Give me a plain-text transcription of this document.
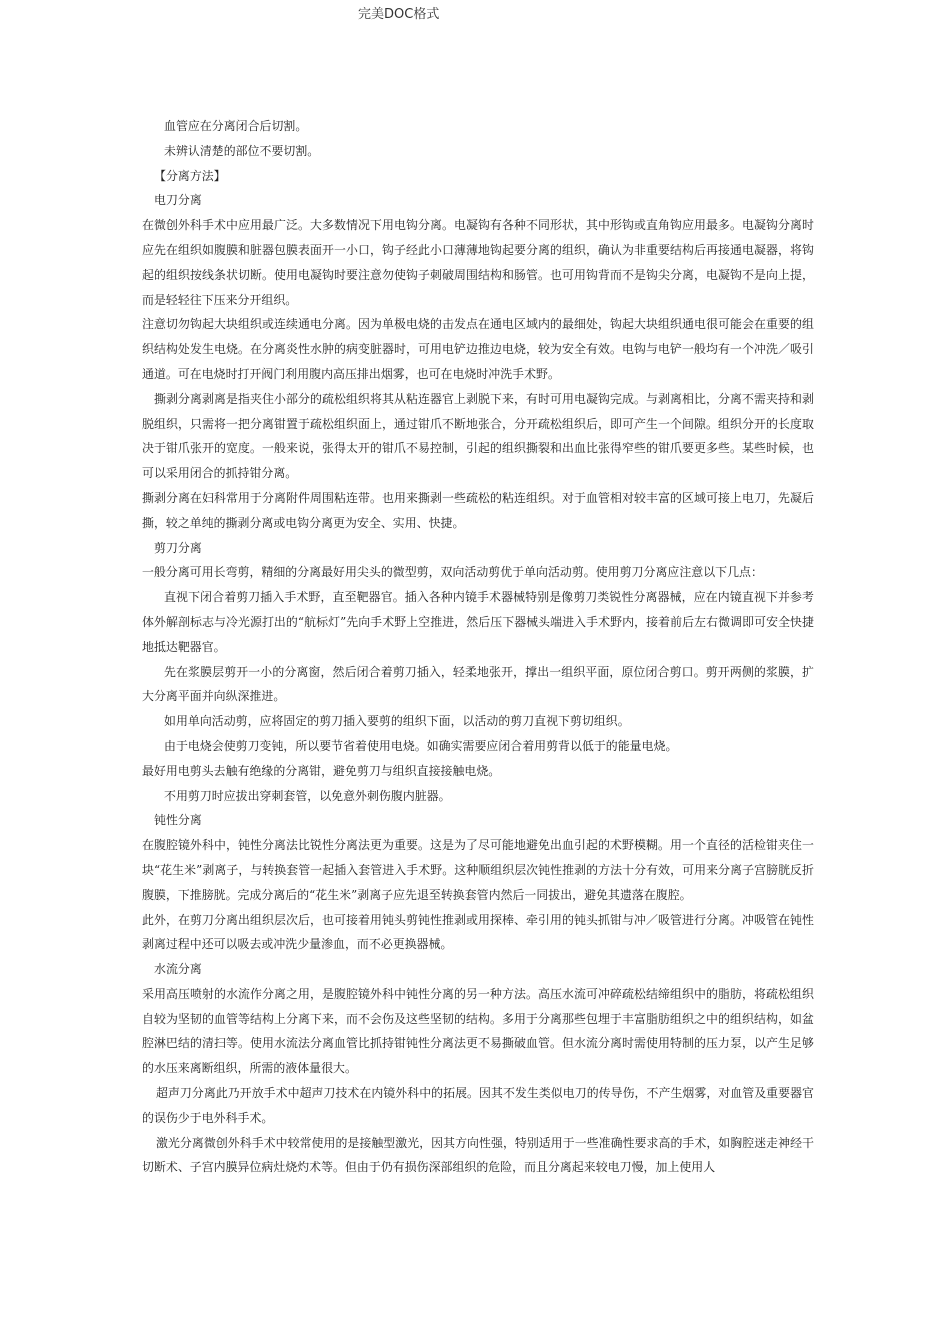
完美DOC格式

血管应在分离闭合后切割。

未辨认清楚的部位不要切割。

【分离方法】

电刀分离

在微创外科手术中应用最广泛。大多数情况下用电钩分离。电凝钩有各种不同形状，其中形钩或直角钩应用最多。电凝钩分离时应先在组织如腹膜和脏器包膜表面开一小口，钩子经此小口薄薄地钩起要分离的组织，确认为非重要结构后再接通电凝器，将钩起的组织按线条状切断。使用电凝钩时要注意勿使钩子刺破周围结构和肠管。也可用钩背而不是钩尖分离，电凝钩不是向上提，而是轻轻往下压来分开组织。

注意切勿钩起大块组织或连续通电分离。因为单极电烧的击发点在通电区域内的最细处，钩起大块组织通电很可能会在重要的组织结构处发生电烧。在分离炎性水肿的病变脏器时，可用电铲边推边电烧，较为安全有效。电钩与电铲一般均有一个冲洗／吸引通道。可在电烧时打开阀门利用腹内高压排出烟雾，也可在电烧时冲洗手术野。

撕剥分离剥离是指夹住小部分的疏松组织将其从粘连器官上剥脱下来，有时可用电凝钩完成。与剥离相比，分离不需夹持和剥脱组织，只需将一把分离钳置于疏松组织面上，通过钳爪不断地张合，分开疏松组织后，即可产生一个间隙。组织分开的长度取决于钳爪张开的宽度。一般来说，张得太开的钳爪不易控制，引起的组织撕裂和出血比张得窄些的钳爪要更多些。某些时候，也可以采用闭合的抓持钳分离。

撕剥分离在妇科常用于分离附件周围粘连带。也用来撕剥一些疏松的粘连组织。对于血管相对较丰富的区域可接上电刀，先凝后撕，较之单纯的撕剥分离或电钩分离更为安全、实用、快捷。

剪刀分离

一般分离可用长弯剪，精细的分离最好用尖头的微型剪，双向活动剪优于单向活动剪。使用剪刀分离应注意以下几点：

直视下闭合着剪刀插入手术野，直至靶器官。插入各种内镜手术器械特别是像剪刀类锐性分离器械，应在内镜直视下并参考体外解剖标志与冷光源打出的“航标灯”先向手术野上空推进，然后压下器械头端进入手术野内，接着前后左右微调即可安全快捷地抵达靶器官。

先在浆膜层剪开一小的分离窗，然后闭合着剪刀插入，轻柔地张开，撑出一组织平面，原位闭合剪口。剪开两侧的浆膜，扩大分离平面并向纵深推进。

如用单向活动剪，应将固定的剪刀插入要剪的组织下面，以活动的剪刀直视下剪切组织。

由于电烧会使剪刀变钝，所以要节省着使用电烧。如确实需要应闭合着用剪背以低于的能量电烧。

最好用电剪头去触有绝缘的分离钳，避免剪刀与组织直接接触电烧。

不用剪刀时应拔出穿刺套管，以免意外刺伤腹内脏器。

钝性分离

在腹腔镜外科中，钝性分离法比锐性分离法更为重要。这是为了尽可能地避免出血引起的术野模糊。用一个直径的活检钳夹住一块“花生米”剥离子，与转换套管一起插入套管进入手术野。这种顺组织层次钝性推剥的方法十分有效，可用来分离子宫膀胱反折腹膜，下推膀胱。完成分离后的“花生米”剥离子应先退至转换套管内然后一同拔出，避免其遗落在腹腔。

此外，在剪刀分离出组织层次后，也可接着用钝头剪钝性推剥或用探棒、牵引用的钝头抓钳与冲／吸管进行分离。冲吸管在钝性剥离过程中还可以吸去或冲洗少量渗血，而不必更换器械。

水流分离

采用高压喷射的水流作分离之用，是腹腔镜外科中钝性分离的另一种方法。高压水流可冲碎疏松结缔组织中的脂肪，将疏松组织自较为坚韧的血管等结构上分离下来，而不会伤及这些坚韧的结构。多用于分离那些包埋于丰富脂肪组织之中的组织结构，如盆腔淋巴结的清扫等。使用水流法分离血管比抓持钳钝性分离法更不易撕破血管。但水流分离时需使用特制的压力泵，以产生足够的水压来离断组织，所需的液体量很大。

超声刀分离此乃开放手术中超声刀技术在内镜外科中的拓展。因其不发生类似电刀的传导伤，不产生烟雾，对血管及重要器官的误伤少于电外科手术。

激光分离微创外科手术中较常使用的是接触型激光，因其方向性强，特别适用于一些准确性要求高的手术，如胸腔迷走神经干切断术、子宫内膜异位病灶烧灼术等。但由于仍有损伤深部组织的危险，而且分离起来较电刀慢，加上使用人
